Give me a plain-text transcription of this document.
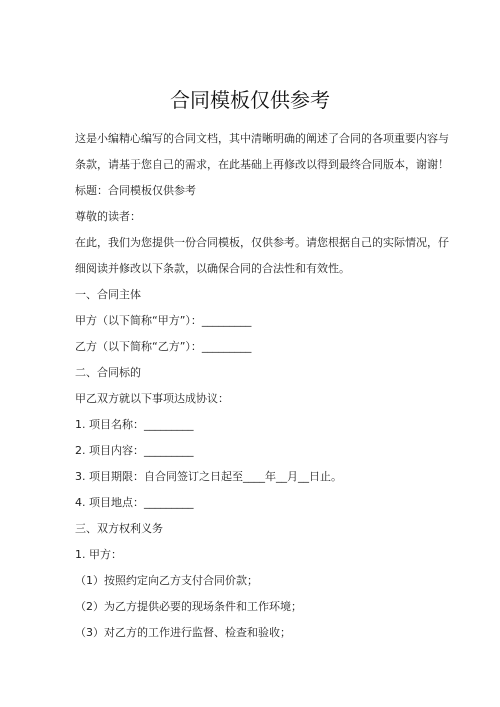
合同模板仅供参考

这是小编精心编写的合同文档，其中清晰明确的阐述了合同的各项重要内容与

条款，请基于您自己的需求，在此基础上再修改以得到最终合同版本，谢谢！

标题：合同模板仅供参考

尊敬的读者：

在此，我们为您提供一份合同模板，仅供参考。请您根据自己的实际情况，仔

细阅读并修改以下条款，以确保合同的合法性和有效性。

一、合同主体

甲方（以下简称“甲方”）：_________

乙方（以下简称“乙方”）：_________

二、合同标的

甲乙双方就以下事项达成协议：

1. 项目名称：_________

2. 项目内容：_________

3. 项目期限：自合同签订之日起至____年__月__日止。

4. 项目地点：_________

三、双方权利义务

1. 甲方：

（1）按照约定向乙方支付合同价款；

（2）为乙方提供必要的现场条件和工作环境；

（3）对乙方的工作进行监督、检查和验收；
